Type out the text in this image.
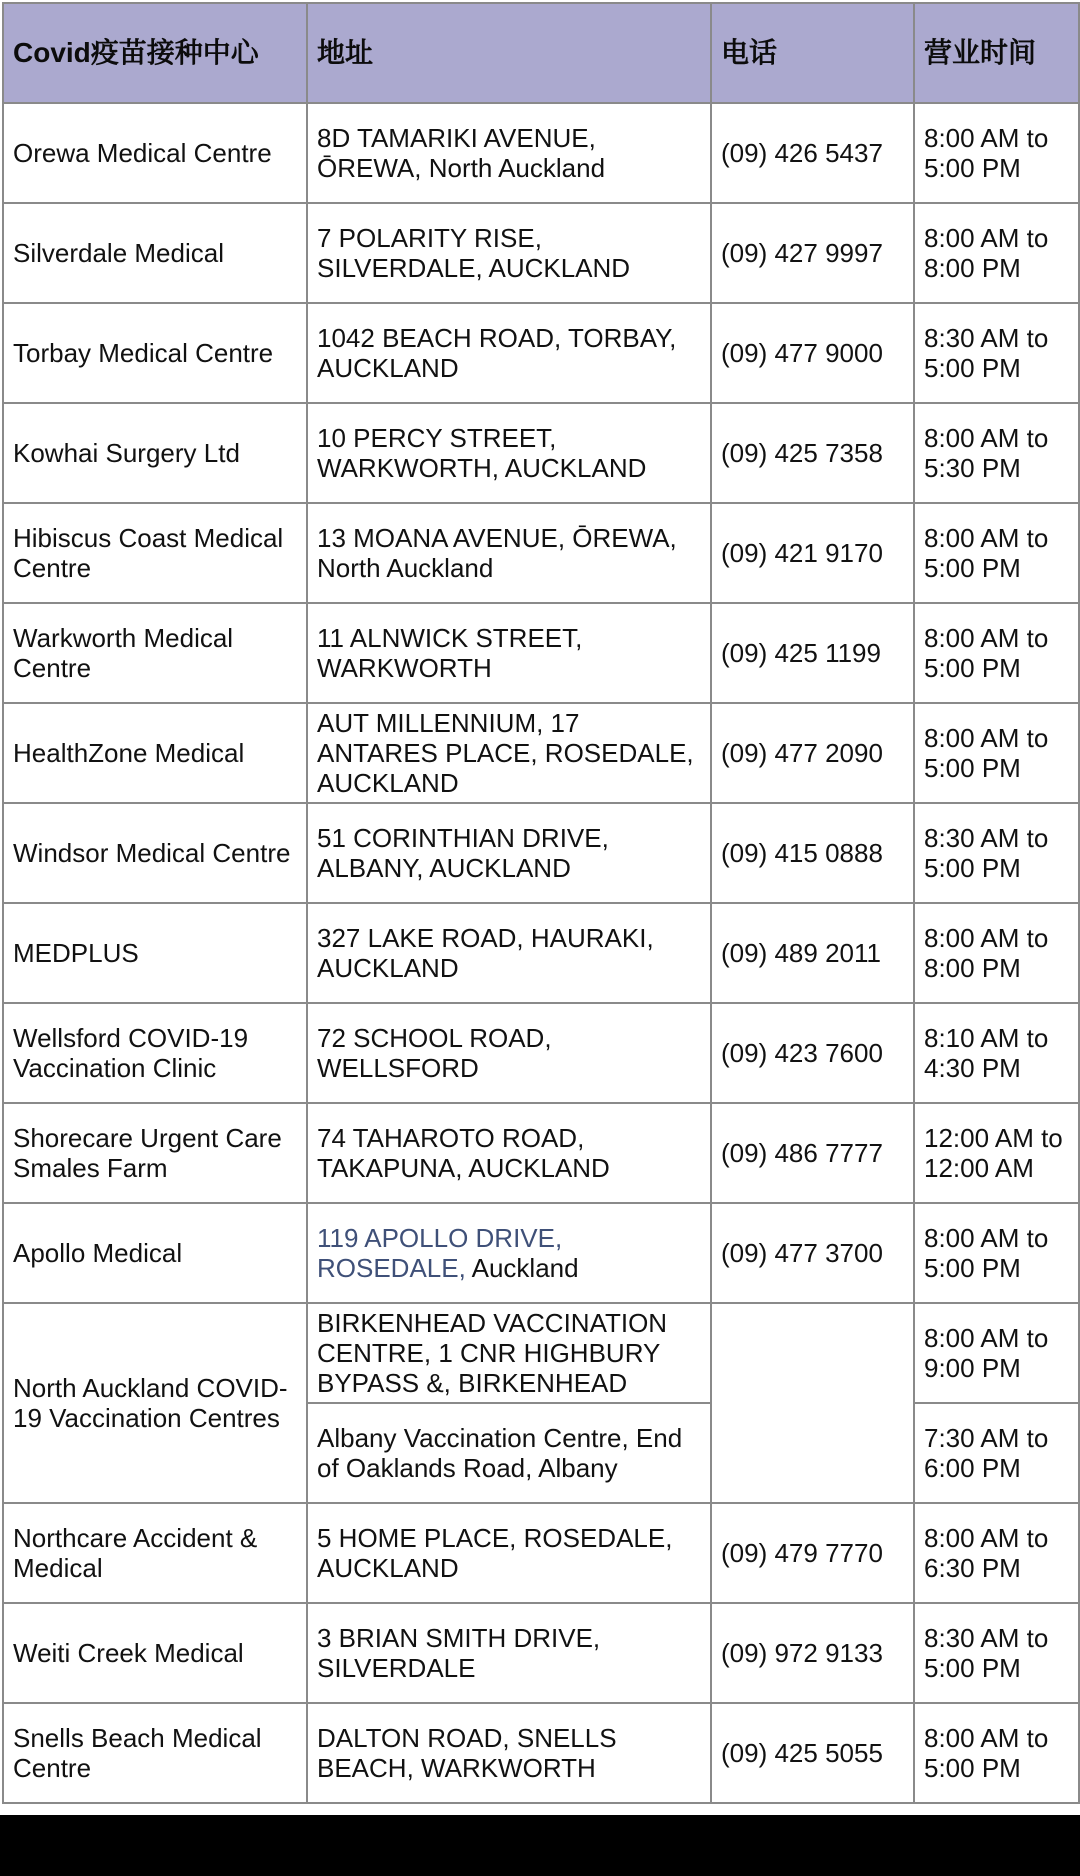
Covid疫苗接种中心	地址	电话	营业时间
Orewa Medical Centre	8D TAMARIKI AVENUE, ŌREWA, North Auckland	(09) 426 5437	8:00 AM to 5:00 PM
Silverdale Medical	7 POLARITY RISE, SILVERDALE, AUCKLAND	(09) 427 9997	8:00 AM to 8:00 PM
Torbay Medical Centre	1042 BEACH ROAD, TORBAY, AUCKLAND	(09) 477 9000	8:30 AM to 5:00 PM
Kowhai Surgery Ltd	10 PERCY STREET, WARKWORTH, AUCKLAND	(09) 425 7358	8:00 AM to 5:30 PM
Hibiscus Coast Medical Centre	13 MOANA AVENUE, ŌREWA, North Auckland	(09) 421 9170	8:00 AM to 5:00 PM
Warkworth Medical Centre	11 ALNWICK STREET, WARKWORTH	(09) 425 1199	8:00 AM to 5:00 PM
HealthZone Medical	AUT MILLENNIUM, 17 ANTARES PLACE, ROSEDALE, AUCKLAND	(09) 477 2090	8:00 AM to 5:00 PM
Windsor Medical Centre	51 CORINTHIAN DRIVE, ALBANY, AUCKLAND	(09) 415 0888	8:30 AM to 5:00 PM
MEDPLUS	327 LAKE ROAD, HAURAKI, AUCKLAND	(09) 489 2011	8:00 AM to 8:00 PM
Wellsford COVID-19 Vaccination Clinic	72 SCHOOL ROAD, WELLSFORD	(09) 423 7600	8:10 AM to 4:30 PM
Shorecare Urgent Care Smales Farm	74 TAHAROTO ROAD, TAKAPUNA, AUCKLAND	(09) 486 7777	12:00 AM to 12:00 AM
Apollo Medical	119 APOLLO DRIVE, ROSEDALE, Auckland	(09) 477 3700	8:00 AM to 5:00 PM
North Auckland COVID-19 Vaccination Centres	BIRKENHEAD VACCINATION CENTRE, 1 CNR HIGHBURY BYPASS &, BIRKENHEAD		8:00 AM to 9:00 PM
	Albany Vaccination Centre, End of Oaklands Road, Albany		7:30 AM to 6:00 PM
Northcare Accident & Medical	5 HOME PLACE, ROSEDALE, AUCKLAND	(09) 479 7770	8:00 AM to 6:30 PM
Weiti Creek Medical	3 BRIAN SMITH DRIVE, SILVERDALE	(09) 972 9133	8:30 AM to 5:00 PM
Snells Beach Medical Centre	DALTON ROAD, SNELLS BEACH, WARKWORTH	(09) 425 5055	8:00 AM to 5:00 PM
